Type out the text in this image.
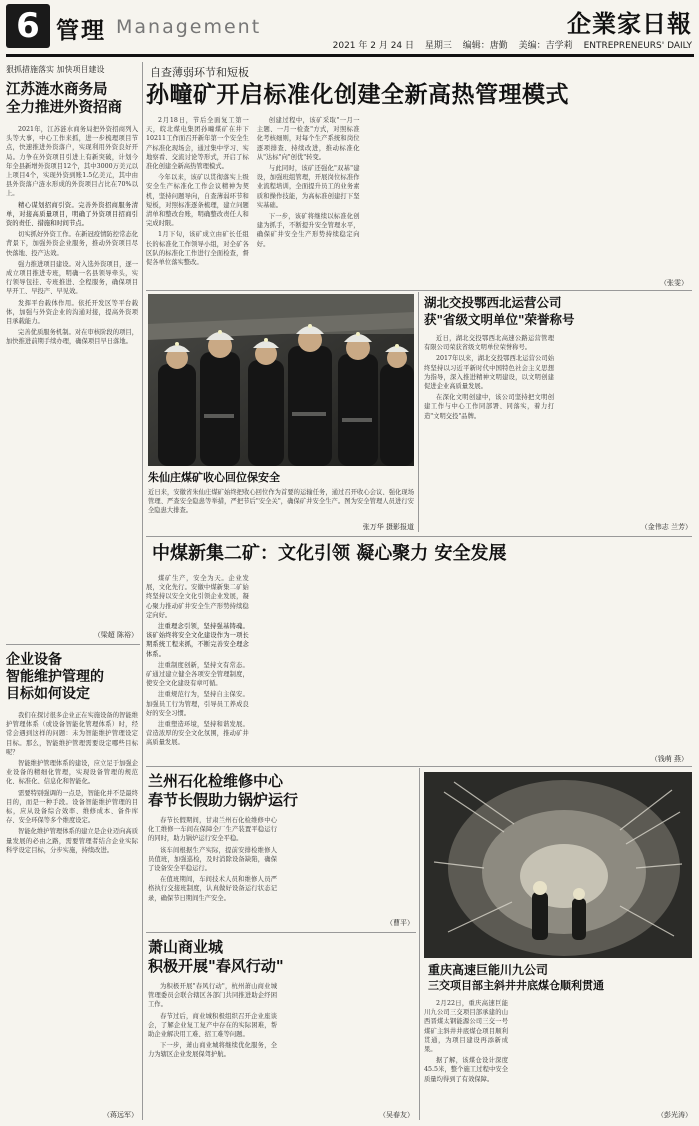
6 管理 Management	企業家日報
2021 年 2 月 24 日 星期三 编辑：唐勤 美编：吉学莉 ENTREPRENEURS' DAILY
狠抓措施落实 加快项目建设
江苏涟水商务局
全力推进外资招商

2021年，江苏涟水商务局把外资招商列入头等大事，中心工作来抓，进一步梳理项目节点，快速推进外资落户，实现利用外资良好开局。力争在外资项目引进上有新突破，计划今年全县新增外资项目12个，其中3000万美元以上项目4个，实现外资到账1.5亿美元，其中由县外资落户涟水形成的外资项目占比在70%以上。

精心谋划招商引资。完善外资招商服务清单，对接高质量项目，明确了外资项目招商引资的责任、措施和时间节点。

切实抓好外资工作。在新冠疫情防控常态化背景下，加强外资企业服务，推动外资项目尽快落地、投产达效。

强力推进项目建设。对入选外资项目，逐一成立项目推进专班，明确一名县领导牵头，实行领导包挂、专班推进、全程服务，确保项目早开工、早投产、早见效。

发挥平台载体作用。依托开发区等平台载体，加强与外资企业的沟通对接，提高外资项目承载能力。

完善优质服务机制。对在审核阶段的项目，加快推进前期手续办理，确保项目早日落地。

（梁超 陈裕）
企业设备
智能维护管理的
目标如何设定

我们在探讨很多企业正在实施设备的智能维护管理体系（或设备智能化管理体系）时，经常会遇到这样的问题：未为智能维护管理设定目标。那么，智能维护管理需要设定哪些目标呢？

智能维护管理体系的建设，应立足于加强企业设备的精细化管理，实现设备管理的规范化、标准化、信息化和智能化。

需要特别强调的一点是，智能化并不是最终目的，而是一种手段。设备智能维护管理的目标，应从设备综合效率、维修成本、备件库存、安全环保等多个维度设定。

智能化维护管理体系的建立是企业迈向高质量发展的必由之路，需要管理者结合企业实际科学设定目标，分步实施，持续改进。

（蒋远军）
自查薄弱环节和短板
孙疃矿开启标准化创建全新高热管理模式

2月18日，节后全面复工第一天，皖北煤电集团孙疃煤矿在井下10211工作面召开新年第一个安全生产标准化现场会，通过集中学习、实地察看、交流讨论等形式，开启了标准化创建全新高热管理模式。

今年以来，该矿以贯彻落实上级安全生产标准化工作会议精神为契机，坚持问题导向，自查薄弱环节和短板，对照标准逐条梳理，建立问题清单和整改台账，明确整改责任人和完成时限。

1月下旬，该矿成立由矿长任组长的标准化工作领导小组，对全矿各区队的标准化工作进行全面检查，督促各单位落实整改。

创建过程中，该矿采取"一月一主题、一月一检查"方式，对照标准化考核细则，对每个生产系统和岗位逐项排查、持续改进，推动标准化从"达标"向"创优"转变。

与此同时，该矿还强化"双基"建设，加强班组管理，开展岗位标准作业流程培训，全面提升员工的业务素质和操作技能，为高标准创建打下坚实基础。

下一步，该矿将继续以标准化创建为抓手，不断提升安全管理水平，确保矿井安全生产形势持续稳定向好。

（张雯）
朱仙庄煤矿收心回位保安全
近日来，安徽省朱仙庄煤矿始终把收心回位作为首要的运输任务，通过召开收心会议、强化现场管理、严查安全隐患等举措，严把节后"安全关"，确保矿井安全生产。图为安全管理人员进行安全隐患大排查。
张万华 摄影报道
湖北交投鄂西北运营公司
获"省级文明单位"荣誉称号

近日，湖北交投鄂西北高速公路运营管理有限公司荣获省级文明单位荣誉称号。

2017年以来，湖北交投鄂西北运营公司始终坚持以习近平新时代中国特色社会主义思想为指导，深入推进精神文明建设，以文明创建促进企业高质量发展。

在深化文明创建中，该公司坚持把文明创建工作与中心工作同部署、同落实，着力打造"文明交投"品牌。

（金伟志 兰芳）
中煤新集二矿：文化引领 凝心聚力 安全发展

煤矿生产，安全为天。企业发展，文化先行。安徽中煤新集二矿始终坚持以安全文化引领企业发展，凝心聚力推动矿井安全生产形势持续稳定向好。

注重理念引领，坚持强基铸魂。该矿始终将安全文化建设作为一项长期系统工程来抓，不断完善安全理念体系。

注重制度创新，坚持文有常态。矿通过建立健全各项安全管理制度，使安全文化建设有章可循。

注重规范行为，坚持自主保安。加强员工行为管理，引导员工养成良好的安全习惯。

注重塑造环境，坚持和谐发展。营造浓厚的安全文化氛围，推动矿井高质量发展。

（钱萌 燕）
兰州石化检维修中心
春节长假助力锅炉运行

春节长假期间，甘肃兰州石化检维修中心化工维修一车间在保障全厂生产装置平稳运行的同时，助力锅炉运行安全平稳。

该车间根据生产实际，提前安排检维修人员值班，加强巡检，及时消除设备缺陷，确保了设备安全平稳运行。

在值班期间，车间技术人员和维修人员严格执行交接班制度，认真做好设备运行状态记录，确保节日期间生产安全。

（曹平）
萧山商业城
积极开展"春风行动"

为积极开展"春风行动"，杭州萧山商业城管理委员会联合辖区各部门共同推进助企纾困工作。

春节过后，商业城积极组织召开企业座谈会，了解企业复工复产中存在的实际困难，帮助企业解决用工难、招工难等问题。

下一步，萧山商业城将继续优化服务，全力为辖区企业发展保驾护航。

（吴春友）
重庆高速巨能川九公司
三交项目部主斜井井底煤仓顺利贯通

2月22日，重庆高速巨能川九公司三交项目部承建的山西晋煤太钢能源公司三交一号煤矿主斜井井底煤仓项目顺利贯通，为项目建设再添新成果。

据了解，该煤仓设计深度45.5米，整个施工过程中安全质量均得到了有效保障。

（彭光涛）
